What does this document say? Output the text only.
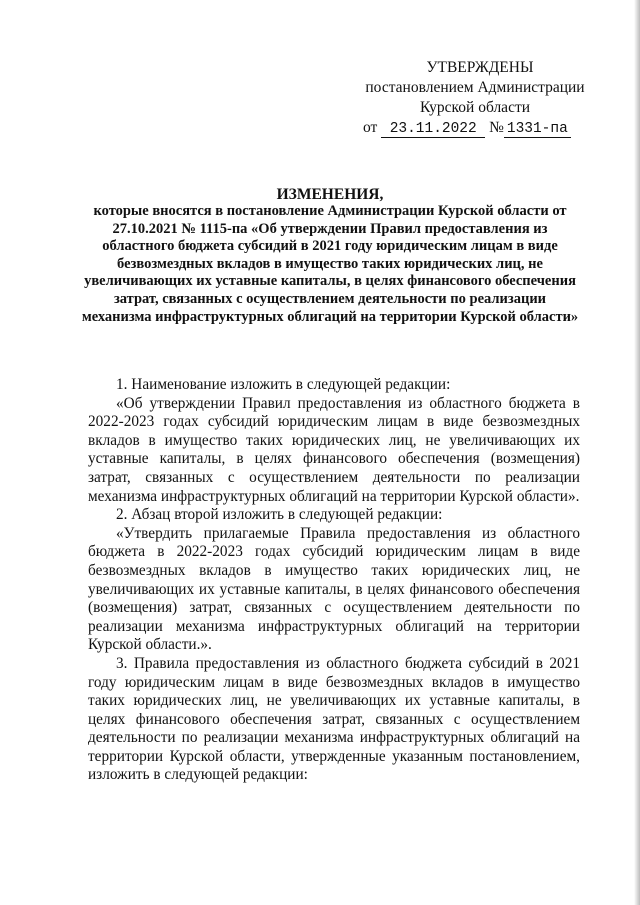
УТВЕРЖДЕНЫ
постановлением Администрации
Курской области
от 23.11.2022 № 1331-па
ИЗМЕНЕНИЯ,
которые вносятся в постановление Администрации Курской области от 27.10.2021 № 1115-па «Об утверждении Правил предоставления из областного бюджета субсидий в 2021 году юридическим лицам в виде безвозмездных вкладов в имущество таких юридических лиц, не увеличивающих их уставные капиталы, в целях финансового обеспечения затрат, связанных с осуществлением деятельности по реализации механизма инфраструктурных облигаций на территории Курской области»

1. Наименование изложить в следующей редакции:

«Об утверждении Правил предоставления из областного бюджета в 2022-2023 годах субсидий юридическим лицам в виде безвозмездных вкладов в имущество таких юридических лиц, не увеличивающих их уставные капиталы, в целях финансового обеспечения (возмещения) затрат, связанных с осуществлением деятельности по реализации механизма инфраструктурных облигаций на территории Курской области».

2. Абзац второй изложить в следующей редакции:

«Утвердить прилагаемые Правила предоставления из областного бюджета в 2022-2023 годах субсидий юридическим лицам в виде безвозмездных вкладов в имущество таких юридических лиц, не увеличивающих их уставные капиталы, в целях финансового обеспечения (возмещения) затрат, связанных с осуществлением деятельности по реализации механизма инфраструктурных облигаций на территории Курской области.».

3. Правила предоставления из областного бюджета субсидий в 2021 году юридическим лицам в виде безвозмездных вкладов в имущество таких юридических лиц, не увеличивающих их уставные капиталы, в целях финансового обеспечения затрат, связанных с осуществлением деятельности по реализации механизма инфраструктурных облигаций на территории Курской области, утвержденные указанным постановлением, изложить в следующей редакции:
